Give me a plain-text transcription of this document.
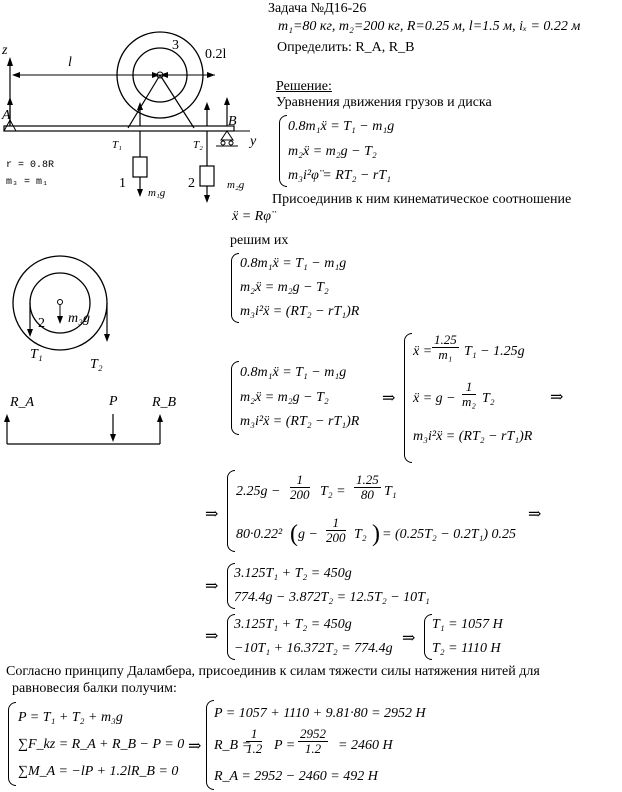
Задача №Д16-26
m₁=80 кг, m₂=200 кг, R=0.25 м, l=1.5 м, iₓ = 0.22 м
Определить: R_A, R_B
Решение:
Уравнения движения грузов и диска
0.8m₁ẍ = T₁ − m₁g
m₂ẍ = m₂g − T₂
m₃i²φ̈ = RT₂ − rT₁
Присоединив к ним кинематическое соотношение
ẍ = Rφ̈
решим их
0.8m₁ẍ = T₁ − m₁g
m₂ẍ = m₂g − T₂
m₃i²ẍ = (RT₂ − rT₁)R
0.8m₁ẍ = T₁ − m₁g
m₂ẍ = m₂g − T₂
m₃i²ẍ = (RT₂ − rT₁)R
⇒
ẍ = $\frac{1.25}{\text{m₁}} T_1 - 1.25g$
ẍ = $g - \frac{1}{\text{m₂}} T_2$
m₃i²ẍ = (RT₂ − rT₁)R
⇒
⇒
$2.25g - \frac{1}{200} T_2 = \frac{1.25}{80} T_1$
80·0.22² ( $g - \frac{1}{200} T_2$ ) = (0.25T₂ − 0.2T₁) 0.25
⇒
⇒
3.125T₁ + T₂ = 450g
774.4g − 3.872T₂ = 12.5T₂ − 10T₁
⇒
3.125T₁ + T₂ = 450g
−10T₁ + 16.372T₂ = 774.4g
⇒
T₁ = 1057 Н
T₂ = 1110 Н
Согласно принципу Даламбера, присоединив к силам тяжести силы натяжения нитей для
равновесия балки получим:
P = T₁ + T₂ + m₃g
∑F_kz = R_A + R_B − P = 0
∑M_A = −lP + 1.2lR_B = 0
⇒
P = 1057 + 1110 + 9.81·80 = 2952 Н
R_B =
$\frac{1}{1.2}$ $P = \frac{2952}{1.2} = 2460$ Н
R_A = 2952 − 2460 = 492 Н
z
l
3
0.2l
A	B
y
T₁	T₂
r = 0.8R
m₃ = m₁	1	2
m₁g
m₂g
2 m₃g
T₁
T₂
R_A	P R_B
